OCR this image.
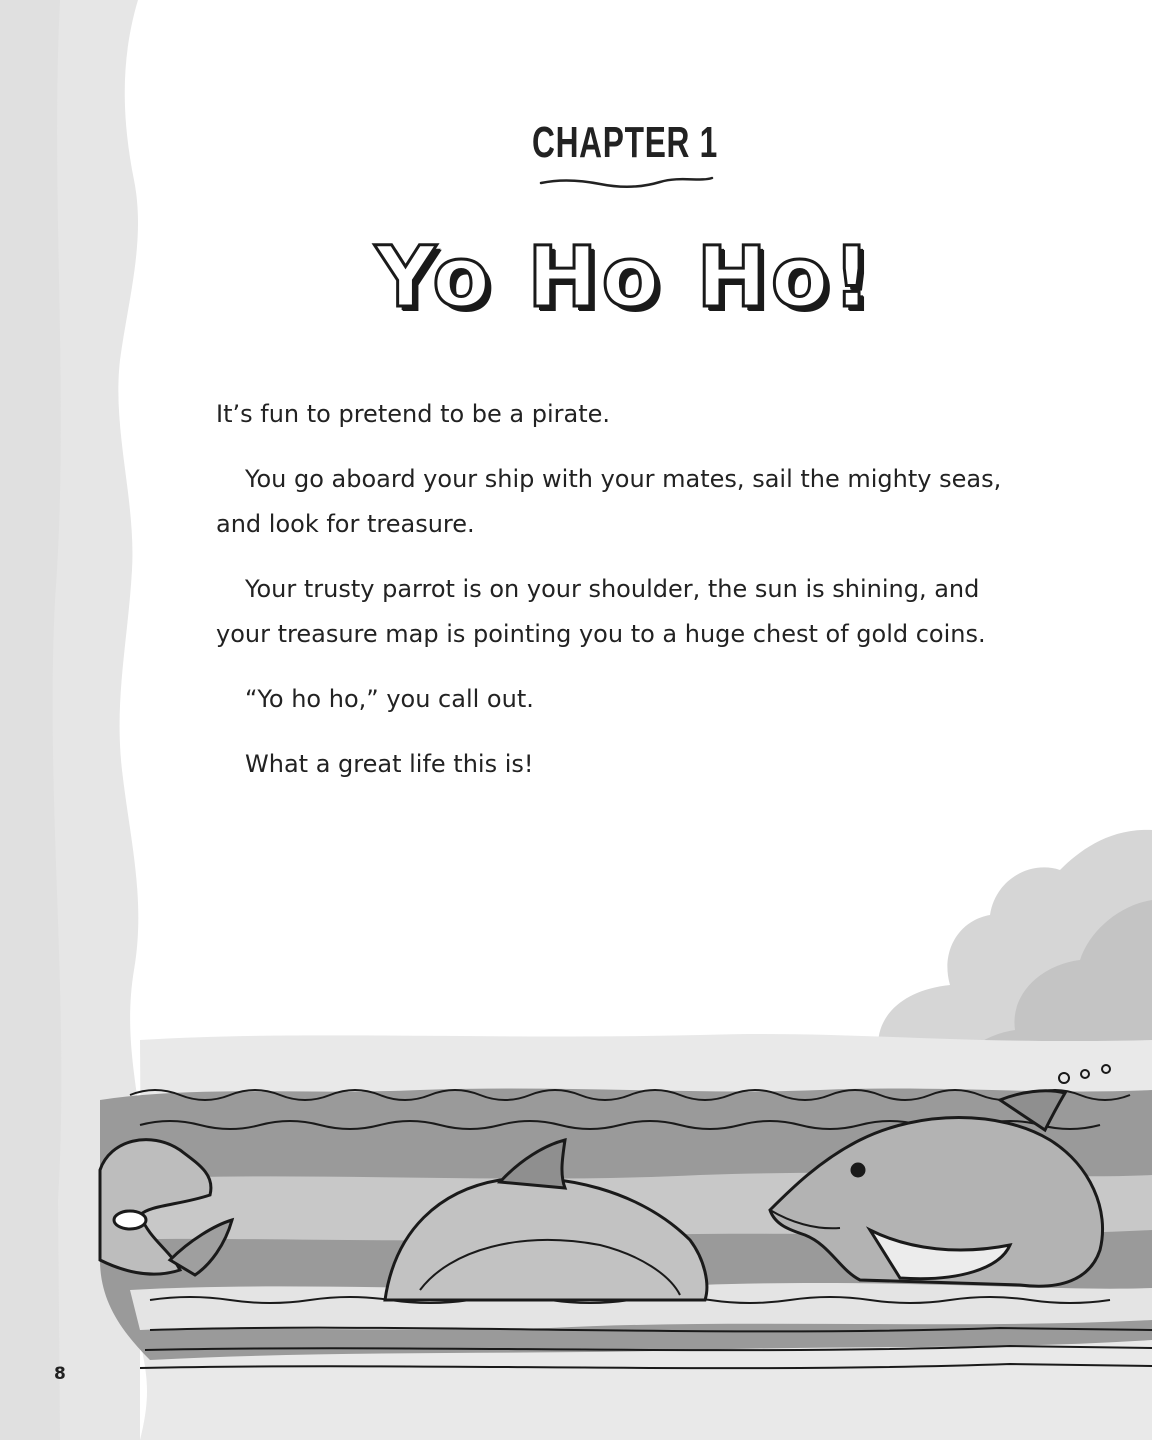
CHAPTER 1
Yo Ho Ho!

It’s fun to pretend to be a pirate.

You go aboard your ship with your mates, sail the mighty seas, and look for treasure.

Your trusty parrot is on your shoulder, the sun is shining, and your treasure map is pointing you to a huge chest of gold coins.

“Yo ho ho,” you call out.

What a great life this is!

8
